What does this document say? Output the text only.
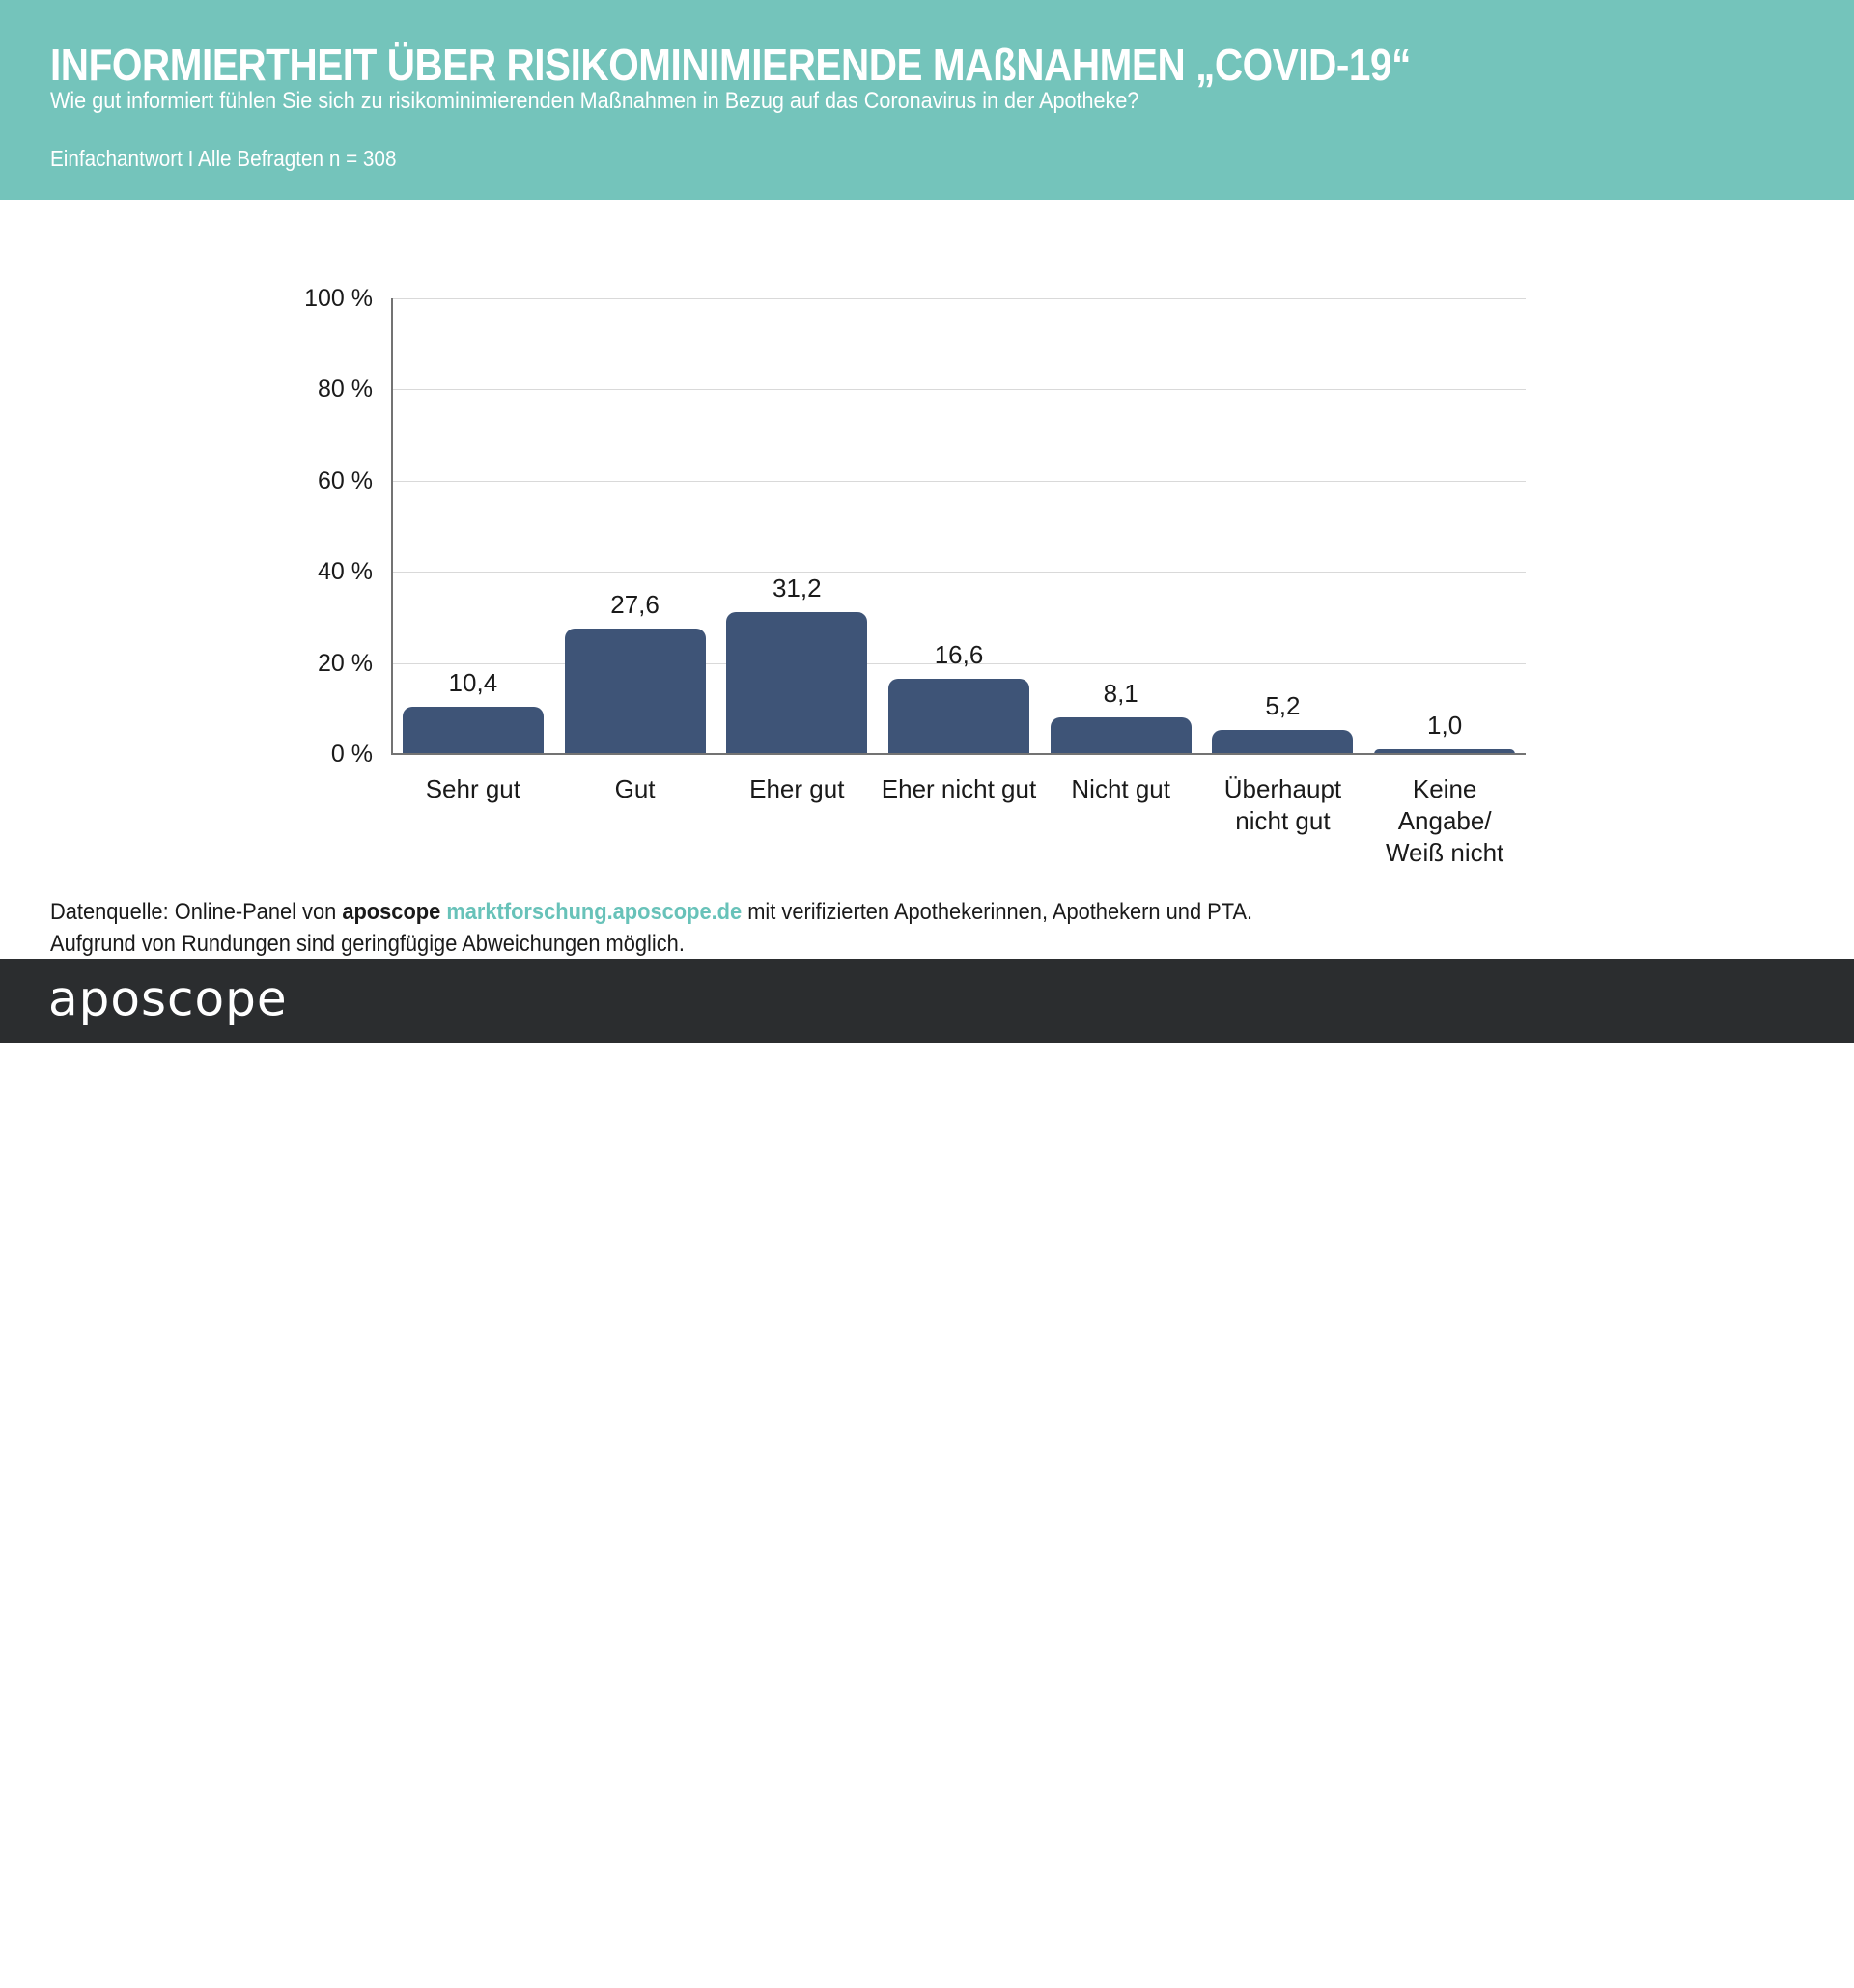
INFORMIERTHEIT ÜBER RISIKOMINIMIERENDE MAßNAHMEN „COVID-19“
Wie gut informiert fühlen Sie sich zu risikominimierenden Maßnahmen in Bezug auf das Coronavirus in der Apotheke?
Einfachantwort I Alle Befragten n = 308
100 %
80 %
60 %
40 %
20 %
0 %
10,4
Sehr gut
27,6
Gut
31,2
Eher gut
16,6
Eher nicht gut
8,1
Nicht gut
5,2
Überhaupt
nicht gut
1,0
Keine Angabe/
Weiß nicht
Datenquelle: Online-Panel von aposcope marktforschung.aposcope.de mit verifizierten Apothekerinnen, Apothekern und PTA.
Aufgrund von Rundungen sind geringfügige Abweichungen möglich.
aposcope
